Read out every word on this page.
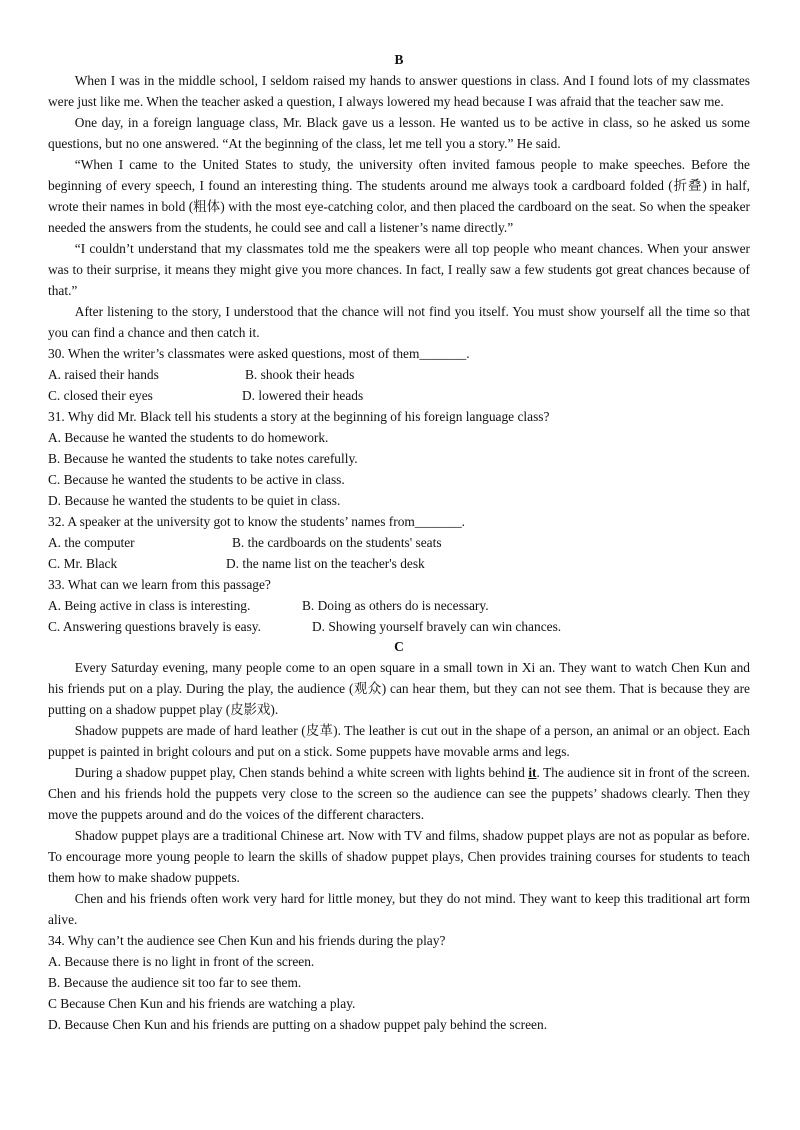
B

When I was in the middle school, I seldom raised my hands to answer questions in class. And I found lots of my classmates were just like me. When the teacher asked a question, I always lowered my head because I was afraid that the teacher saw me.

One day, in a foreign language class, Mr. Black gave us a lesson. He wanted us to be active in class, so he asked us some questions, but no one answered. “At the beginning of the class, let me tell you a story.” He said.

“When I came to the United States to study, the university often invited famous people to make speeches. Before the beginning of every speech, I found an interesting thing. The students around me always took a cardboard folded (折叠) in half, wrote their names in bold (粗体) with the most eye-catching color, and then placed the cardboard on the seat. So when the speaker needed the answers from the students, he could see and call a listener’s name directly.”

“I couldn’t understand that my classmates told me the speakers were all top people who meant chances. When your answer was to their surprise, it means they might give you more chances. In fact, I really saw a few students got great chances because of that.”

After listening to the story, I understood that the chance will not find you itself. You must show yourself all the time so that you can find a chance and then catch it.

30. When the writer’s classmates were asked questions, most of them_______.

A. raised their hands	B. shook their heads

C. closed their eyes	D. lowered their heads

31. Why did Mr. Black tell his students a story at the beginning of his foreign language class?

A. Because he wanted the students to do homework.

B. Because he wanted the students to take notes carefully.

C. Because he wanted the students to be active in class.

D. Because he wanted the students to be quiet in class.

32. A speaker at the university got to know the students’ names from_______.

A. the computer	B. the cardboards on the students' seats

C. Mr. Black	D. the name list on the teacher's desk

33. What can we learn from this passage?

A. Being active in class is interesting.	B. Doing as others do is necessary.

C. Answering questions bravely is easy.	D. Showing yourself bravely can win chances.

C

Every Saturday evening, many people come to an open square in a small town in Xi an. They want to watch Chen Kun and his friends put on a play. During the play, the audience (观众) can hear them, but they can not see them. That is because they are putting on a shadow puppet play (皮影戏).

Shadow puppets are made of hard leather (皮革). The leather is cut out in the shape of a person, an animal or an object. Each puppet is painted in bright colours and put on a stick. Some puppets have movable arms and legs.

During a shadow puppet play, Chen stands behind a white screen with lights behind it. The audience sit in front of the screen. Chen and his friends hold the puppets very close to the screen so the audience can see the puppets’ shadows clearly. Then they move the puppets around and do the voices of the different characters.

Shadow puppet plays are a traditional Chinese art. Now with TV and films, shadow puppet plays are not as popular as before. To encourage more young people to learn the skills of shadow puppet plays, Chen provides training courses for students to teach them how to make shadow puppets.

Chen and his friends often work very hard for little money, but they do not mind. They want to keep this traditional art form alive.

34. Why can’t the audience see Chen Kun and his friends during the play?

A. Because there is no light in front of the screen.

B. Because the audience sit too far to see them.

C Because Chen Kun and his friends are watching a play.

D. Because Chen Kun and his friends are putting on a shadow puppet paly behind the screen.
